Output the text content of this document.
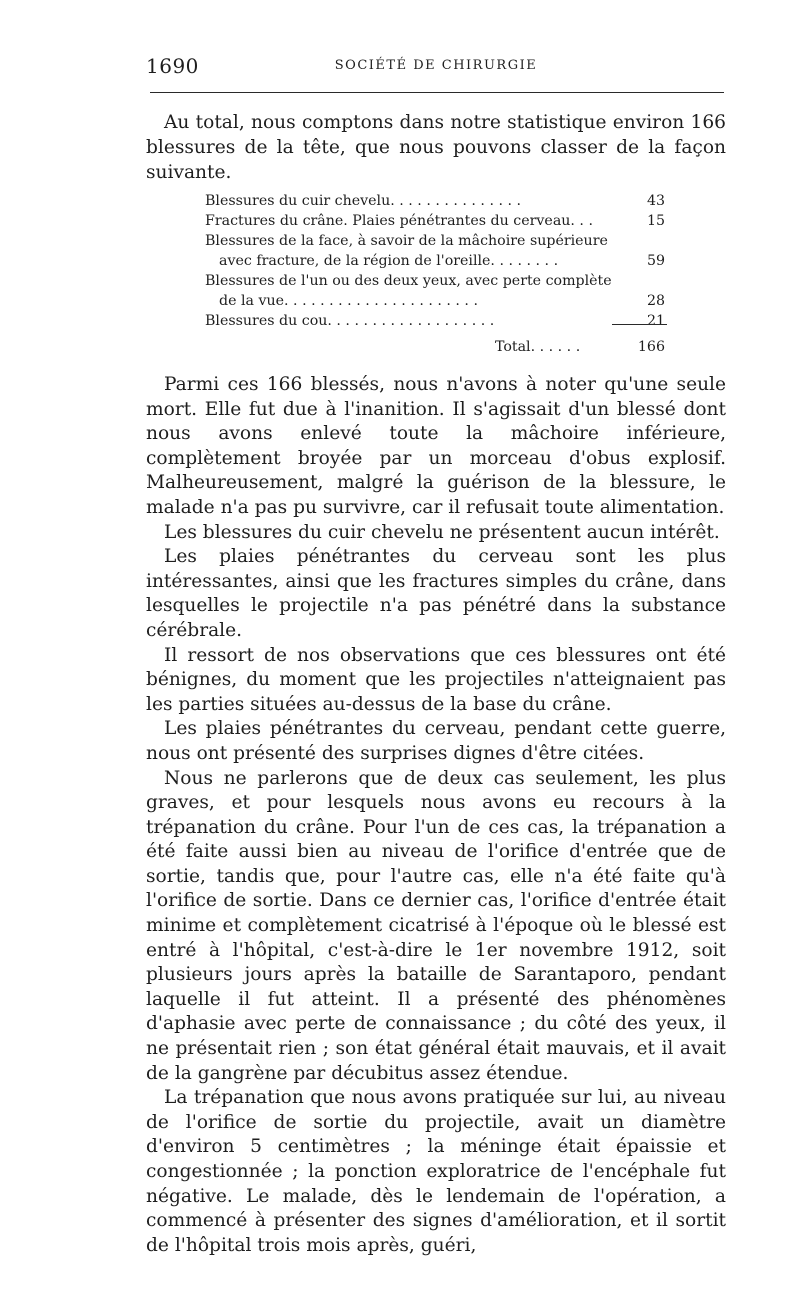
1690	SOCIÉTÉ DE CHIRURGIE
Au total, nous comptons dans notre statistique environ 166 blessures de la tête, que nous pouvons classer de la façon suivante.
Blessures du cuir chevelu. . . . . . . . . . . . . . .	43
Fractures du crâne. Plaies pénétrantes du cerveau. . .	15
Blessures de la face, à savoir de la mâchoire supérieure
avec fracture, de la région de l'oreille. . . . . . . .	59
Blessures de l'un ou des deux yeux, avec perte complète
de la vue. . . . . . . . . . . . . . . . . . . . . .	28
Blessures du cou. . . . . . . . . . . . . . . . . . .	21
Total. . . . . .	166

Parmi ces 166 blessés, nous n'avons à noter qu'une seule mort. Elle fut due à l'inanition. Il s'agissait d'un blessé dont nous avons enlevé toute la mâchoire inférieure, complètement broyée par un morceau d'obus explosif. Malheureusement, malgré la guérison de la blessure, le malade n'a pas pu survivre, car il refusait toute alimentation.

Les blessures du cuir chevelu ne présentent aucun intérêt.

Les plaies pénétrantes du cerveau sont les plus intéressantes, ainsi que les fractures simples du crâne, dans lesquelles le projectile n'a pas pénétré dans la substance cérébrale.

Il ressort de nos observations que ces blessures ont été bénignes, du moment que les projectiles n'atteignaient pas les parties situées au-dessus de la base du crâne.

Les plaies pénétrantes du cerveau, pendant cette guerre, nous ont présenté des surprises dignes d'être citées.

Nous ne parlerons que de deux cas seulement, les plus graves, et pour lesquels nous avons eu recours à la trépanation du crâne. Pour l'un de ces cas, la trépanation a été faite aussi bien au niveau de l'orifice d'entrée que de sortie, tandis que, pour l'autre cas, elle n'a été faite qu'à l'orifice de sortie. Dans ce dernier cas, l'orifice d'entrée était minime et complètement cicatrisé à l'époque où le blessé est entré à l'hôpital, c'est-à-dire le 1er novembre 1912, soit plusieurs jours après la bataille de Sarantaporo, pendant laquelle il fut atteint. Il a présenté des phénomènes d'aphasie avec perte de connaissance ; du côté des yeux, il ne présentait rien ; son état général était mauvais, et il avait de la gangrène par décubitus assez étendue.

La trépanation que nous avons pratiquée sur lui, au niveau de l'orifice de sortie du projectile, avait un diamètre d'environ 5 centimètres ; la méninge était épaissie et congestionnée ; la ponction exploratrice de l'encéphale fut négative. Le malade, dès le lendemain de l'opération, a commencé à présenter des signes d'amélioration, et il sortit de l'hôpital trois mois après, guéri,
